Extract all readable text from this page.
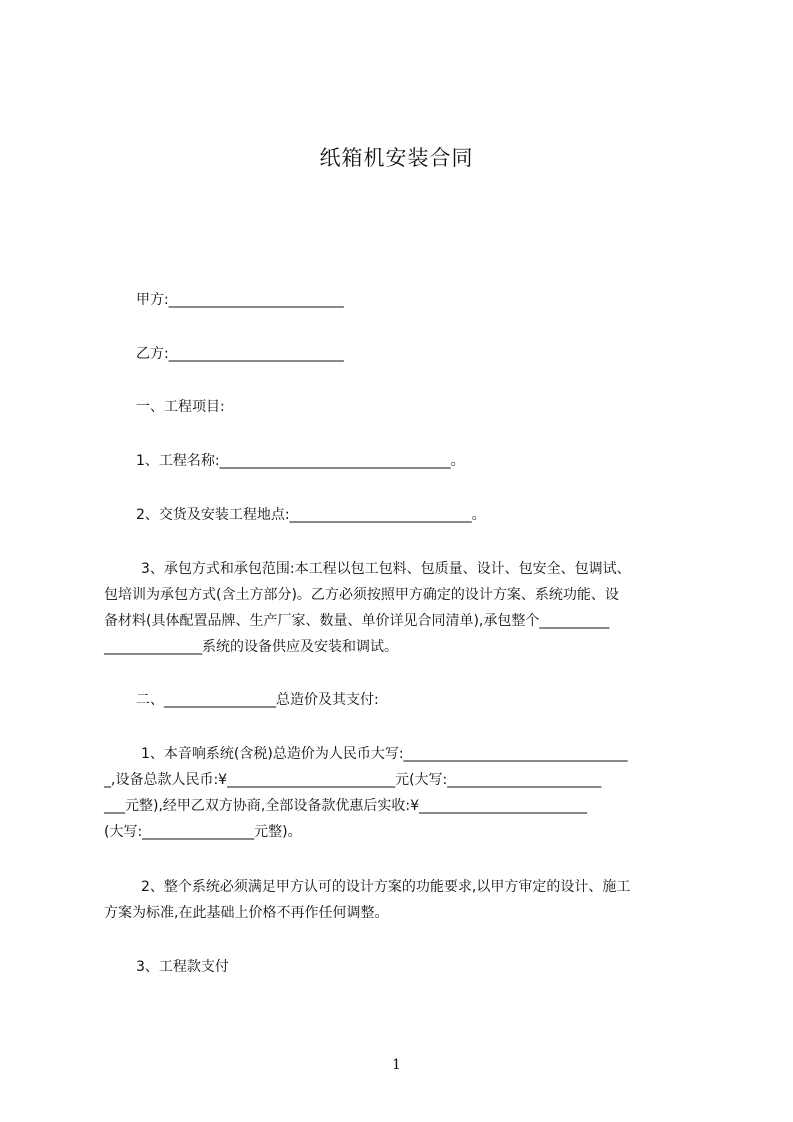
纸箱机安装合同
甲方:_________________________
乙方:_________________________
一、工程项目:
1、工程名称:_________________________________。
2、交货及安装工程地点:__________________________。
3、承包方式和承包范围:本工程以包工包料、包质量、设计、包安全、包调试、
包培训为承包方式(含土方部分)。乙方必须按照甲方确定的设计方案、系统功能、设
备材料(具体配置品牌、生产厂家、数量、单价详见合同清单),承包整个__________
______________系统的设备供应及安装和调试。
二、________________总造价及其支付:
1、本音响系统(含税)总造价为人民币大写:________________________________
_,设备总款人民币:¥________________________元(大写:______________________
___元整),经甲乙双方协商,全部设备款优惠后实收:¥________________________
(大写:________________元整)。
2、整个系统必须满足甲方认可的设计方案的功能要求,以甲方审定的设计、施工
方案为标准,在此基础上价格不再作任何调整。
3、工程款支付
1
